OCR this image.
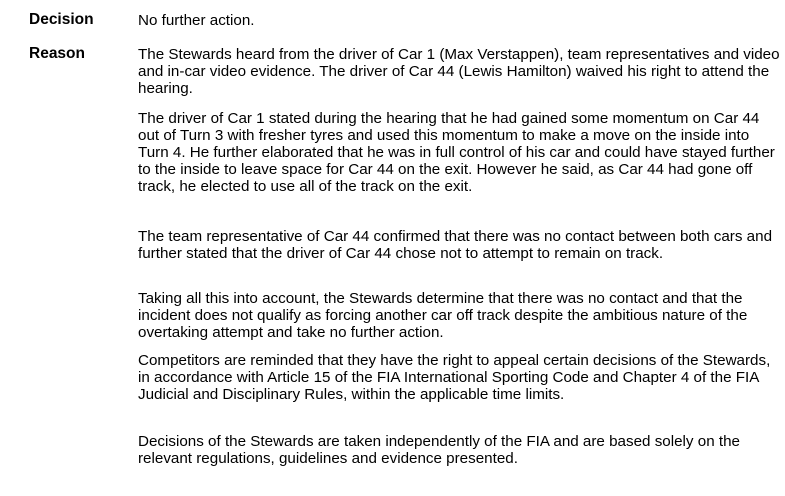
Decision	No further action.
Reason	The Stewards heard from the driver of Car 1 (Max Verstappen), team representatives and video and in-car video evidence. The driver of Car 44 (Lewis Hamilton) waived his right to attend the hearing.

The driver of Car 1 stated during the hearing that he had gained some momentum on Car 44 out of Turn 3 with fresher tyres and used this momentum to make a move on the inside into Turn 4. He further elaborated that he was in full control of his car and could have stayed further to the inside to leave space for Car 44 on the exit. However he said, as Car 44 had gone off track, he elected to use all of the track on the exit.

The team representative of Car 44 confirmed that there was no contact between both cars and further stated that the driver of Car 44 chose not to attempt to remain on track.

Taking all this into account, the Stewards determine that there was no contact and that the incident does not qualify as forcing another car off track despite the ambitious nature of the overtaking attempt and take no further action.

Competitors are reminded that they have the right to appeal certain decisions of the Stewards, in accordance with Article 15 of the FIA International Sporting Code and Chapter 4 of the FIA Judicial and Disciplinary Rules, within the applicable time limits.

Decisions of the Stewards are taken independently of the FIA and are based solely on the relevant regulations, guidelines and evidence presented.
